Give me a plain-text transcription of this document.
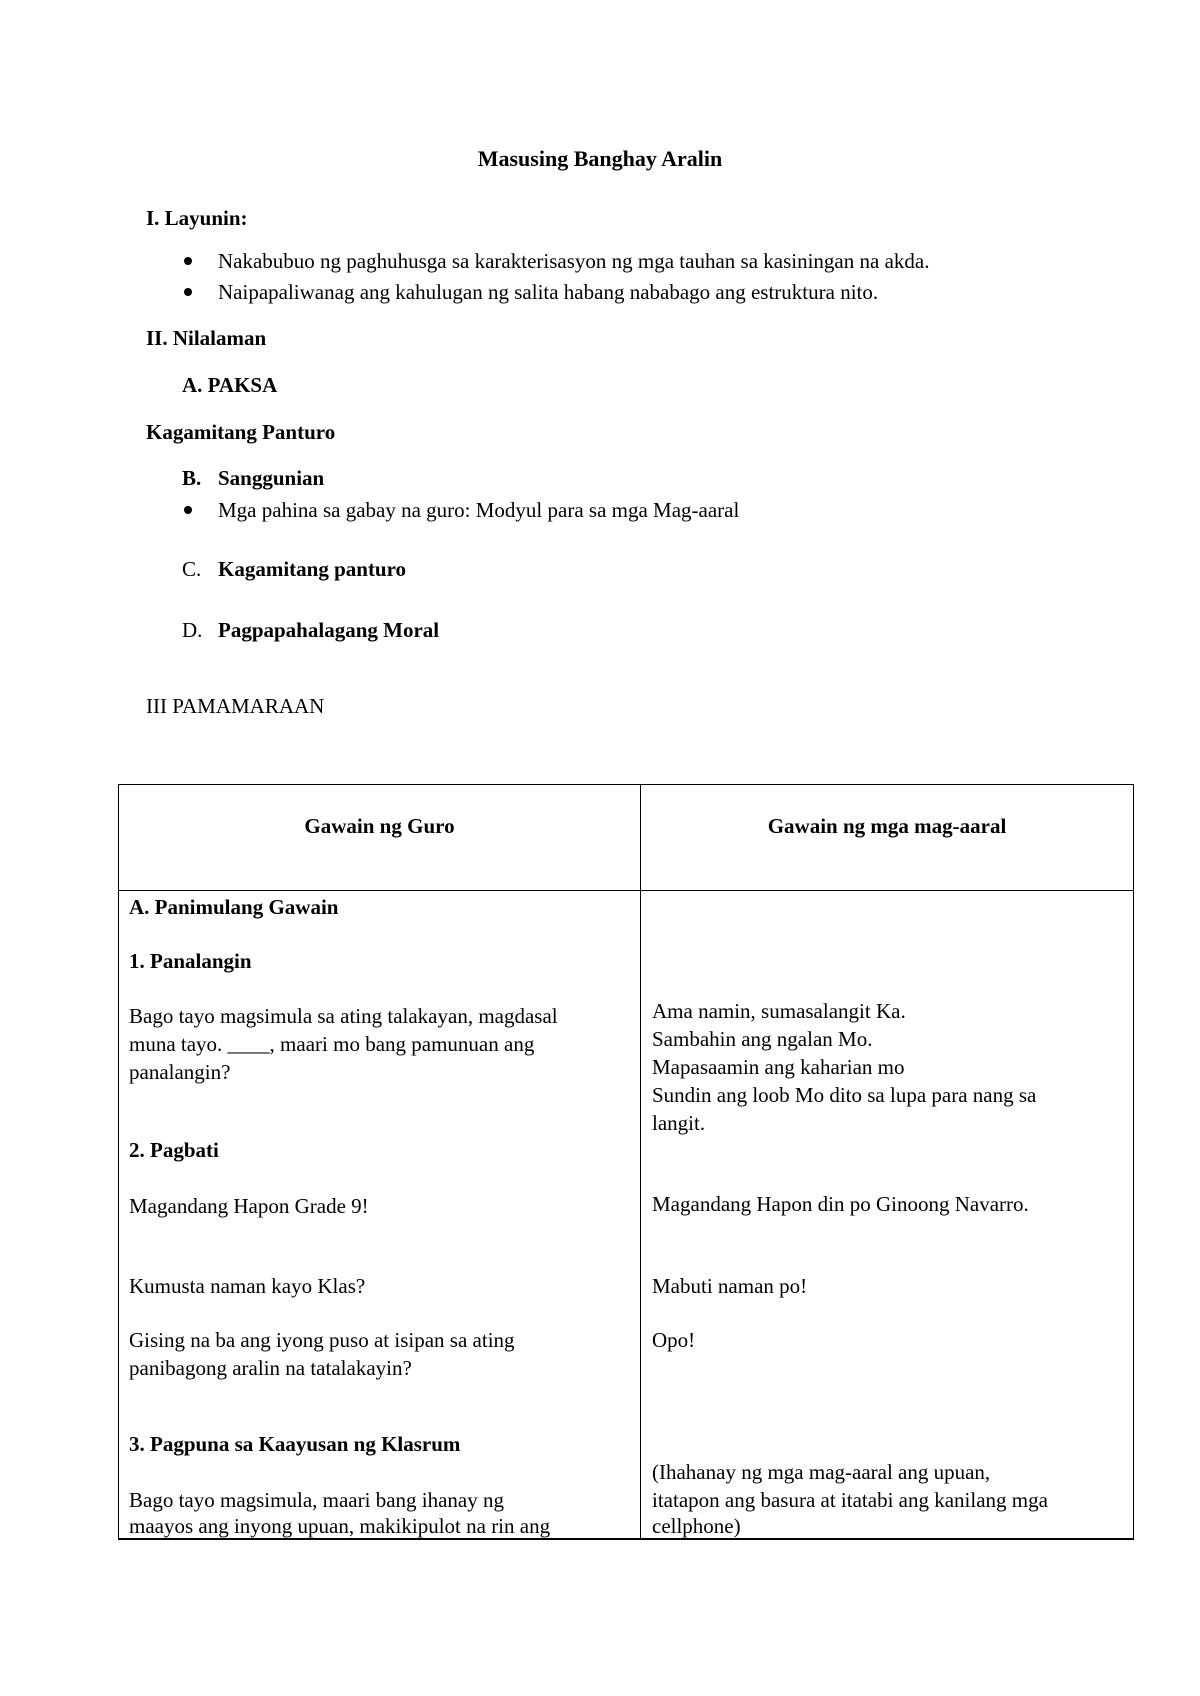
Masusing Banghay Aralin
I. Layunin:
Nakabubuo ng paghuhusga sa karakterisasyon ng mga tauhan sa kasiningan na akda.
Naipapaliwanag ang kahulugan ng salita habang nababago ang estruktura nito.
II. Nilalaman
A. PAKSA
Kagamitang Panturo
B. Sanggunian
Mga pahina sa gabay na guro: Modyul para sa mga Mag-aaral
C. Kagamitang panturo
D. Pagpapahalagang Moral
III PAMAMARAAN
Gawain ng Guro	Gawain ng mga mag-aaral
A. Panimulang Gawain
1. Panalangin
Bago tayo magsimula sa ating talakayan, magdasal
muna tayo. ____, maari mo bang pamunuan ang
panalangin?
2. Pagbati
Magandang Hapon Grade 9!
Kumusta naman kayo Klas?
Gising na ba ang iyong puso at isipan sa ating
panibagong aralin na tatalakayin?
3. Pagpuna sa Kaayusan ng Klasrum
Bago tayo magsimula, maari bang ihanay ng
maayos ang inyong upuan, makikipulot na rin ang
Ama namin, sumasalangit Ka.
Sambahin ang ngalan Mo.
Mapasaamin ang kaharian mo
Sundin ang loob Mo dito sa lupa para nang sa
langit.
Magandang Hapon din po Ginoong Navarro.
Mabuti naman po!
Opo!
(Ihahanay ng mga mag-aaral ang upuan,
itatapon ang basura at itatabi ang kanilang mga
cellphone)
